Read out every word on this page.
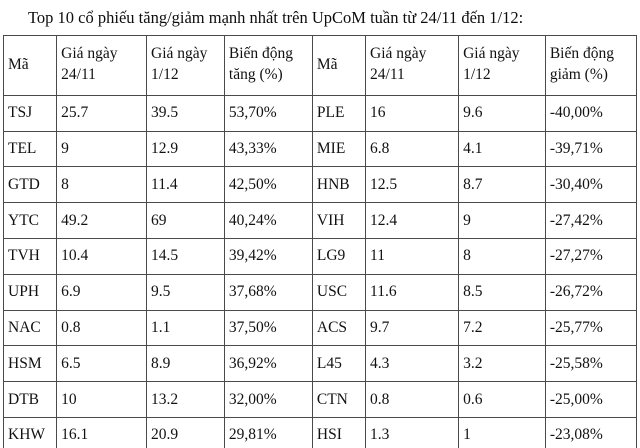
Top 10 cổ phiếu tăng/giảm mạnh nhất trên UpCoM tuần từ 24/11 đến 1/12:
Mã	Giá ngày 24/11	Giá ngày 1/12	Biến động tăng (%)	Mã	Giá ngày 24/11	Giá ngày 1/12	Biến động giảm (%)
TSJ	25.7	39.5	53,70%	PLE	16	9.6	-40,00%
TEL	9	12.9	43,33%	MIE	6.8	4.1	-39,71%
GTD	8	11.4	42,50%	HNB	12.5	8.7	-30,40%
YTC	49.2	69	40,24%	VIH	12.4	9	-27,42%
TVH	10.4	14.5	39,42%	LG9	11	8	-27,27%
UPH	6.9	9.5	37,68%	USC	11.6	8.5	-26,72%
NAC	0.8	1.1	37,50%	ACS	9.7	7.2	-25,77%
HSM	6.5	8.9	36,92%	L45	4.3	3.2	-25,58%
DTB	10	13.2	32,00%	CTN	0.8	0.6	-25,00%
KHW	16.1	20.9	29,81%	HSI	1.3	1	-23,08%
